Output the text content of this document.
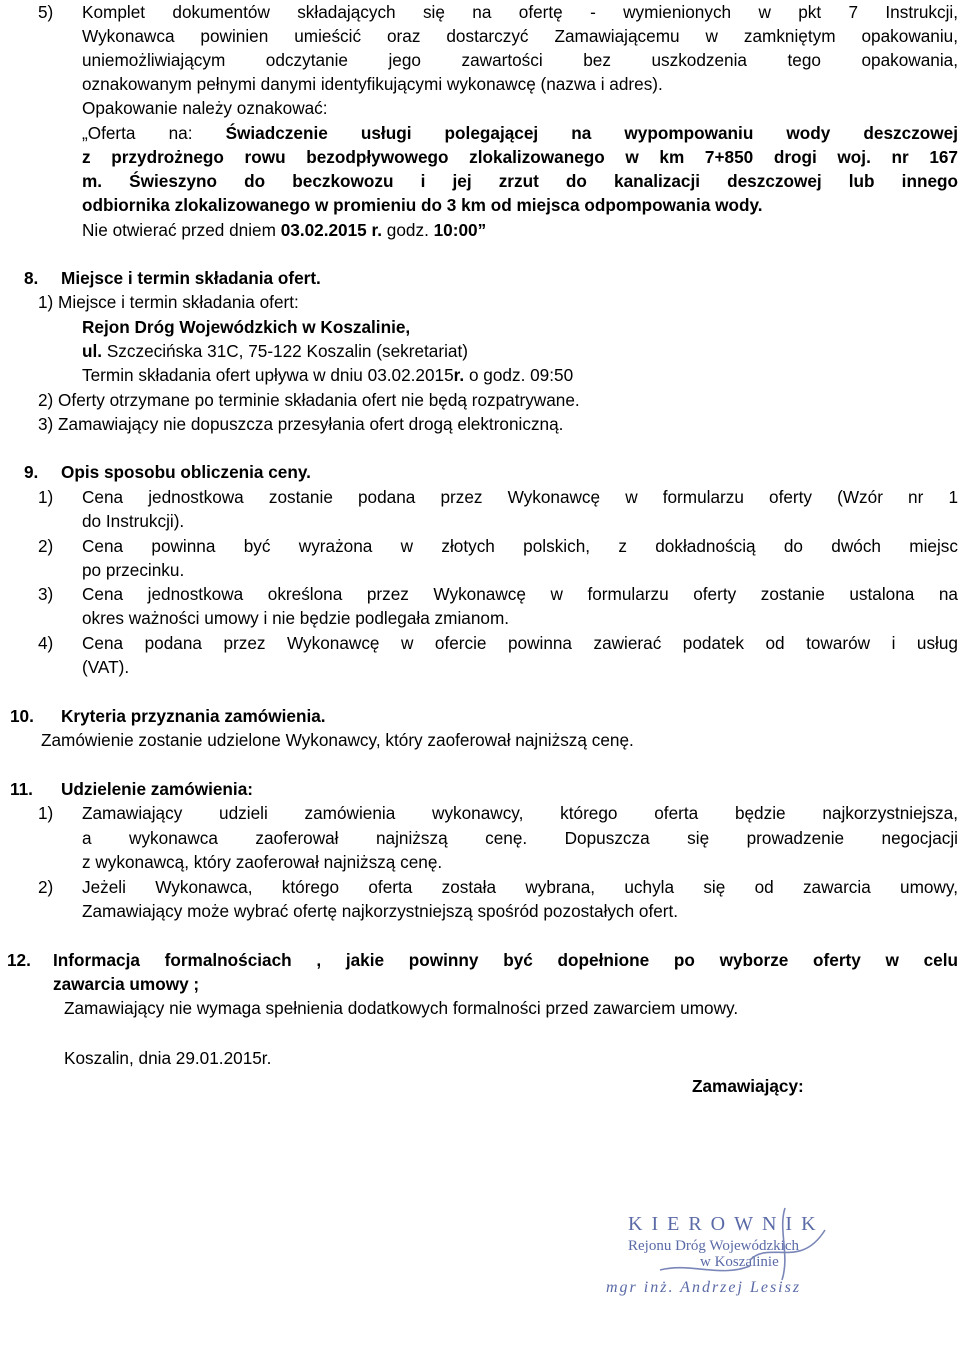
5) Komplet dokumentów składających się na ofertę - wymienionych w pkt 7 Instrukcji,
Wykonawca powinien umieścić oraz dostarczyć Zamawiającemu w zamkniętym opakowaniu,
uniemożliwiającym odczytanie jego zawartości bez uszkodzenia tego opakowania,
oznakowanym pełnymi danymi identyfikującymi wykonawcę (nazwa i adres).
Opakowanie należy oznakować:
„Oferta na: Świadczenie usługi polegającej na wypompowaniu wody deszczowej
z przydrożnego rowu bezodpływowego zlokalizowanego w km 7+850 drogi woj. nr 167
m. Świeszyno do beczkowozu i jej zrzut do kanalizacji deszczowej lub innego
odbiornika zlokalizowanego w promieniu do 3 km od miejsca odpompowania wody.
Nie otwierać przed dniem 03.02.2015 r. godz. 10:00”
8. Miejsce i termin składania ofert.
1) Miejsce i termin składania ofert:
Rejon Dróg Wojewódzkich w Koszalinie,
ul. Szczecińska 31C, 75-122 Koszalin (sekretariat)
Termin składania ofert upływa w dniu 03.02.2015r. o godz. 09:50
2) Oferty otrzymane po terminie składania ofert nie będą rozpatrywane.
3) Zamawiający nie dopuszcza przesyłania ofert drogą elektroniczną.
9. Opis sposobu obliczenia ceny.
1) Cena jednostkowa zostanie podana przez Wykonawcę w formularzu oferty (Wzór nr 1
do Instrukcji).
2) Cena powinna być wyrażona w złotych polskich, z dokładnością do dwóch miejsc
po przecinku.
3) Cena jednostkowa określona przez Wykonawcę w formularzu oferty zostanie ustalona na
okres ważności umowy i nie będzie podlegała zmianom.
4) Cena podana przez Wykonawcę w ofercie powinna zawierać podatek od towarów i usług
(VAT).
10. Kryteria przyznania zamówienia.
Zamówienie zostanie udzielone Wykonawcy, który zaoferował najniższą cenę.
11. Udzielenie zamówienia:
1) Zamawiający udzieli zamówienia wykonawcy, którego oferta będzie najkorzystniejsza,
a wykonawca zaoferował najniższą cenę. Dopuszcza się prowadzenie negocjacji
z wykonawcą, który zaoferował najniższą cenę.
2) Jeżeli Wykonawca, którego oferta została wybrana, uchyla się od zawarcia umowy,
Zamawiający może wybrać ofertę najkorzystniejszą spośród pozostałych ofert.
12. Informacja formalnościach , jakie powinny być dopełnione po wyborze oferty w celu
zawarcia umowy ;
Zamawiający nie wymaga spełnienia dodatkowych formalności przed zawarciem umowy.
Koszalin, dnia 29.01.2015r.
Zamawiający:
KIEROWNIK
Rejonu Dróg Wojewódzkich
w Koszalinie
mgr inż. Andrzej Lesisz
